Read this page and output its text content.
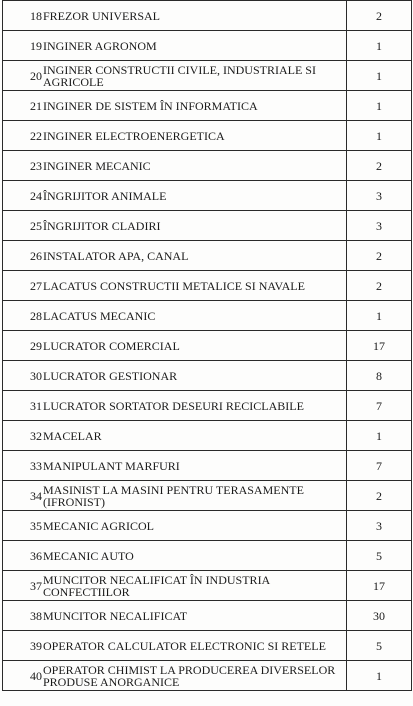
18	FREZOR UNIVERSAL	2
19	INGINER AGRONOM	1
20	INGINER CONSTRUCTII CIVILE, INDUSTRIALE SI AGRICOLE	1
21	INGINER DE SISTEM ÎN INFORMATICA	1
22	INGINER ELECTROENERGETICA	1
23	INGINER MECANIC	2
24	ÎNGRIJITOR ANIMALE	3
25	ÎNGRIJITOR CLADIRI	3
26	INSTALATOR APA, CANAL	2
27	LACATUS CONSTRUCTII METALICE SI NAVALE	2
28	LACATUS MECANIC	1
29	LUCRATOR COMERCIAL	17
30	LUCRATOR GESTIONAR	8
31	LUCRATOR SORTATOR DESEURI RECICLABILE	7
32	MACELAR	1
33	MANIPULANT MARFURI	7
34	MASINIST LA MASINI PENTRU TERASAMENTE (IFRONIST)	2
35	MECANIC AGRICOL	3
36	MECANIC AUTO	5
37	MUNCITOR NECALIFICAT ÎN INDUSTRIA CONFECTIILOR	17
38	MUNCITOR NECALIFICAT	30
39	OPERATOR CALCULATOR ELECTRONIC SI RETELE	5
40	OPERATOR CHIMIST LA PRODUCEREA DIVERSELOR PRODUSE ANORGANICE	1
